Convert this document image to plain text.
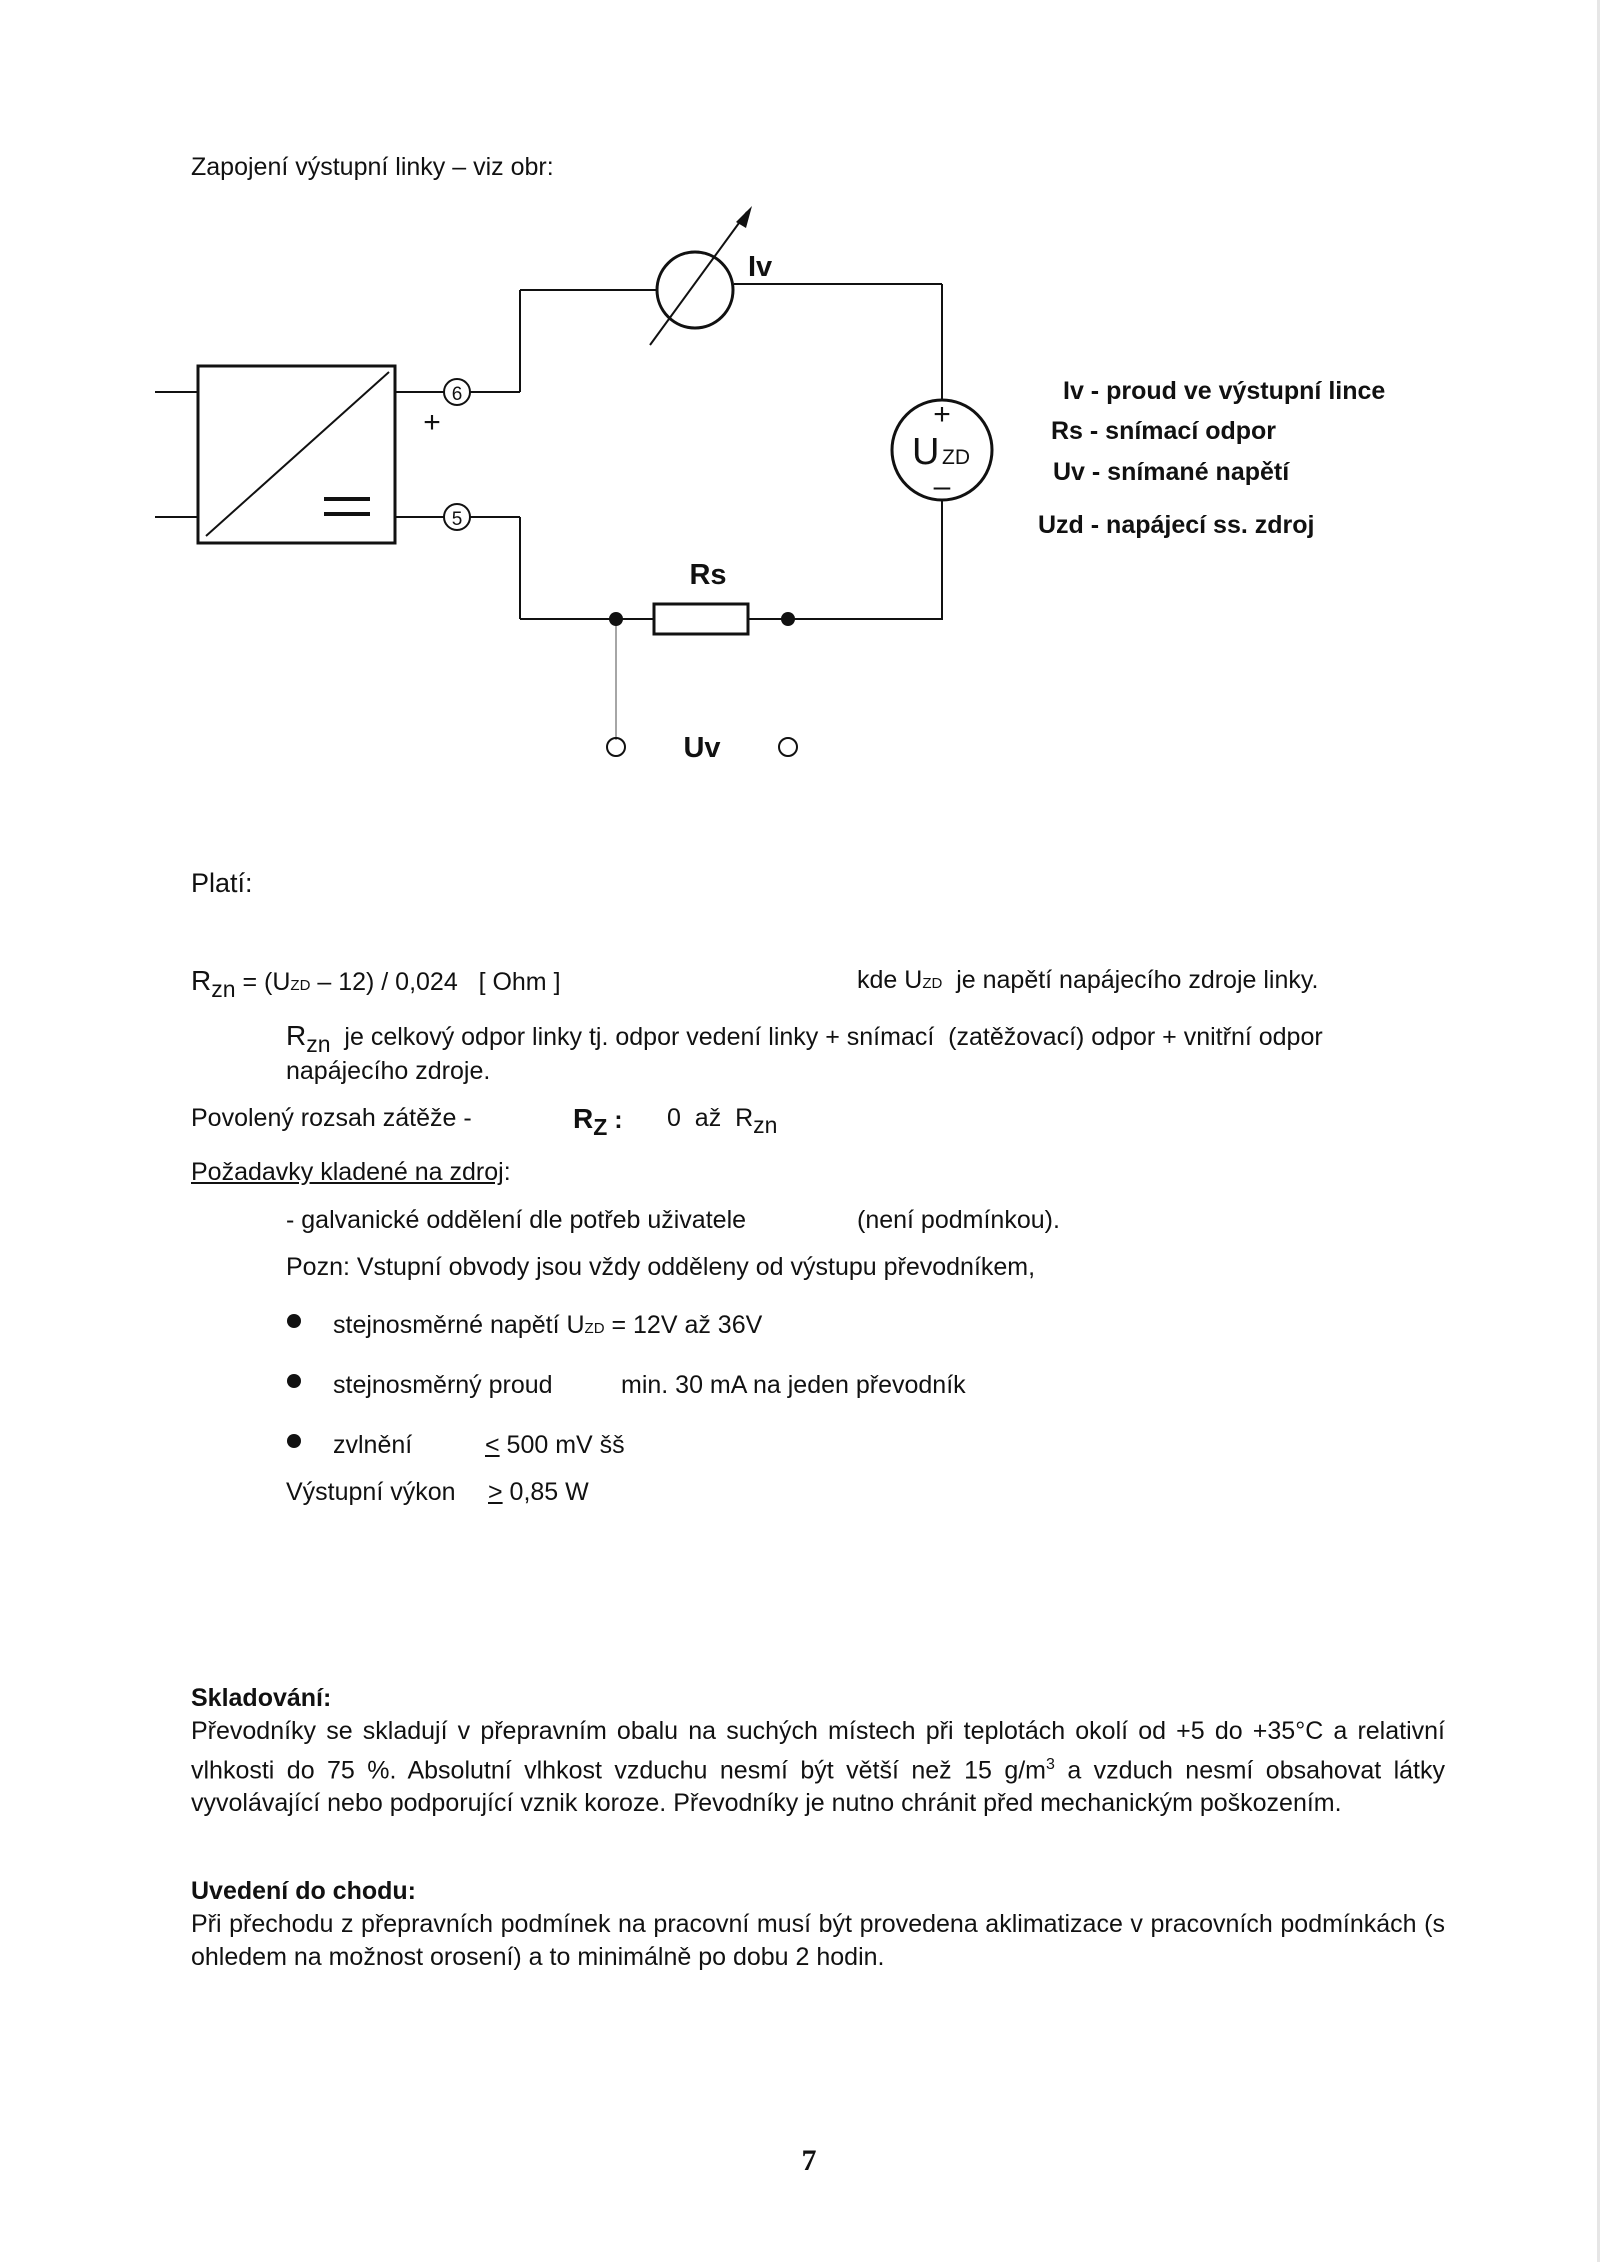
Zapojení výstupní linky – viz obr:
Iv
6
5
+	+
U ZD
–
Rs
Uv
Iv - proud ve výstupní lince
Rs - snímací odpor
Uv - snímané napětí
Uzd - napájecí ss. zdroj
Platí:
Rzn = (UZD – 12) / 0,024   [ Ohm ]	kde UZD  je napětí napájecího zdroje linky.
Rzn  je celkový odpor linky tj. odpor vedení linky + snímací  (zatěžovací) odpor + vnitřní odpor
napájecího zdroje.
Povolený rozsah zátěže -	RZ : 0  až  Rzn
Požadavky kladené na zdroj:
- galvanické oddělení dle potřeb uživatele	(není podmínkou).
Pozn: Vstupní obvody jsou vždy odděleny od výstupu převodníkem,
stejnosměrné napětí UZD = 12V až 36V
stejnosměrný proud	min. 30 mA na jeden převodník
zvlnění	< 500 mV šš
Výstupní výkon > 0,85 W
Skladování:
Převodníky se skladují v přepravním obalu na suchých místech při teplotách okolí od +5 do +35°C a relativní vlhkosti do 75 %. Absolutní vlhkost vzduchu nesmí být větší než 15 $g/m^3$ a vzduch nesmí obsahovat látky vyvolávající nebo podporující vznik koroze. Převodníky je nutno chránit před mechanickým poškozením.
Uvedení do chodu:
Při přechodu z přepravních podmínek na pracovní musí být provedena aklimatizace v pracovních podmínkách (s ohledem na možnost orosení) a to minimálně po dobu 2 hodin.
7
